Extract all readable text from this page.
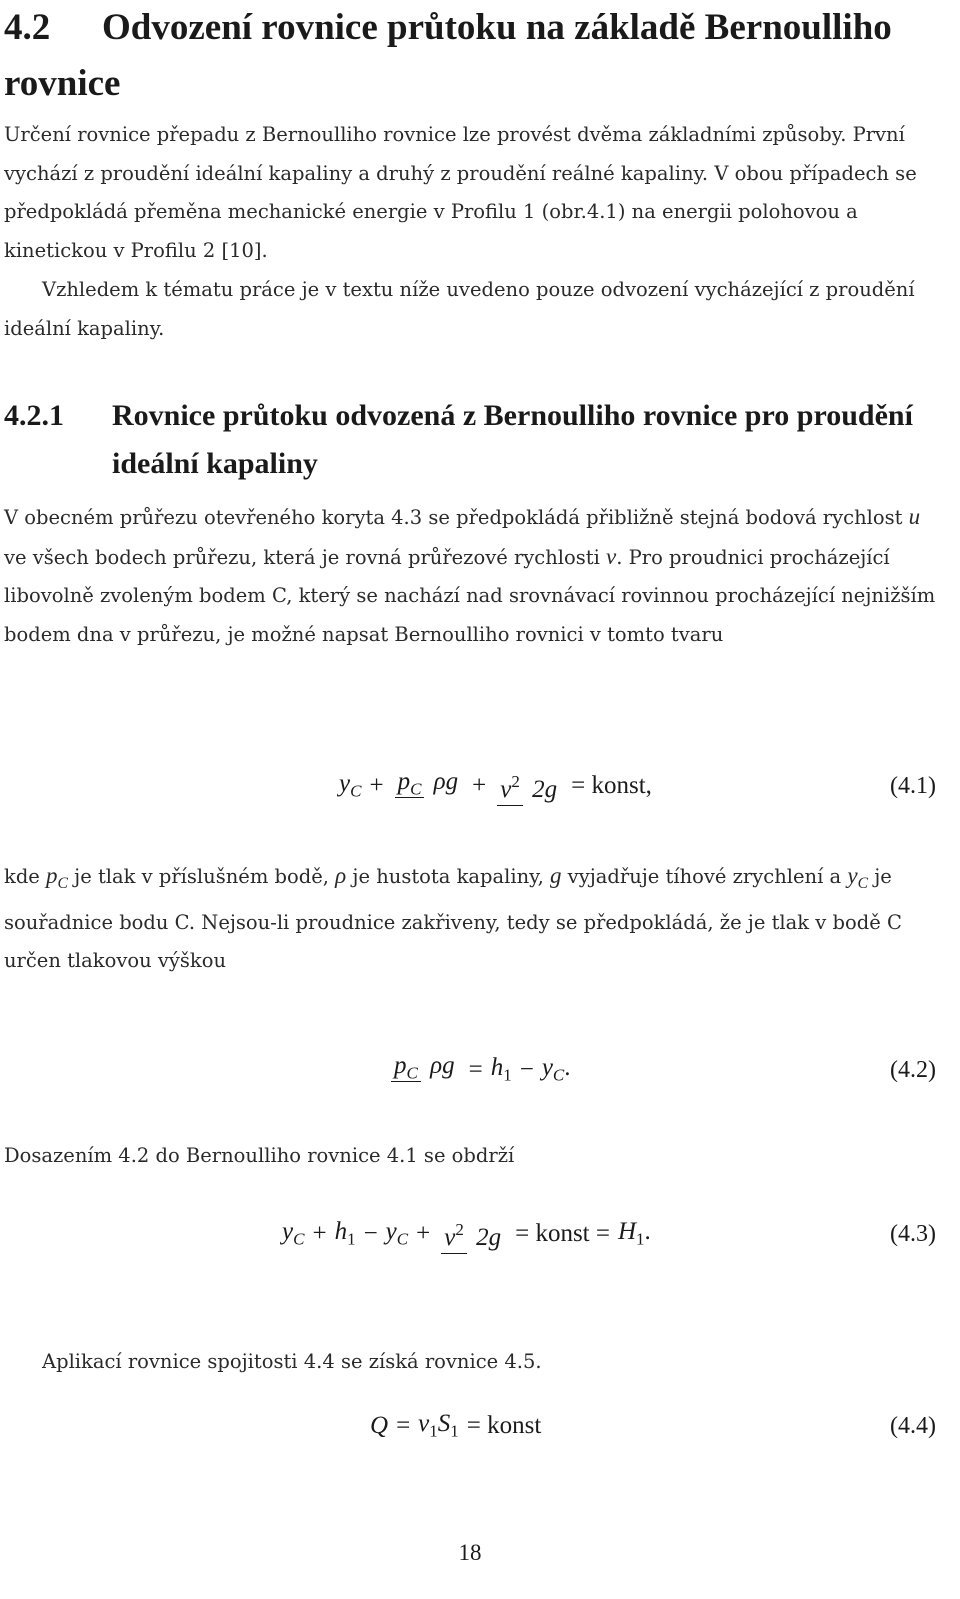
4.2 Odvození rovnice průtoku na základě Bernoulliho rovnice

Určení rovnice přepadu z Bernoulliho rovnice lze provést dvěma základními způsoby. První vychází z proudění ideální kapaliny a druhý z proudění reálné kapaliny. V obou případech se předpokládá přeměna mechanické energie v Profilu 1 (obr.4.1) na energii polohovou a kinetickou v Profilu 2 [10].

Vzhledem k tématu práce je v textu níže uvedeno pouze odvození vycházející z proudění ideální kapaliny.

4.2.1 Rovnice průtoku odvozená z Bernoulliho rovnice pro proudění ideální kapaliny

V obecném průřezu otevřeného koryta 4.3 se předpokládá přibližně stejná bodová rychlost u ve všech bodech průřezu, která je rovná průřezové rychlosti v. Pro proudnici procházející libovolně zvoleným bodem C, který se nachází nad srovnávací rovinnou procházející nejnižším bodem dna v průřezu, je možné napsat Bernoulliho rovnici v tomto tvaru

$y_C + p_C$ $\rho g + v^2$ 2g = konst,	(4.1)

kde $p_C$ je tlak v příslušném bodě, ρ je hustota kapaliny, g vyjadřuje tíhové zrychlení a $y_C$ je souřadnice bodu C. Nejsou-li proudnice zakřiveny, tedy se předpokládá, že je tlak v bodě C určen tlakovou výškou

$p_C$ $\rho g = h_1 - y_C$.	(4.2)

Dosazením 4.2 do Bernoulliho rovnice 4.1 se obdrží

$y_C + h_1 - y_C + v^2$ 2g = konst = $H_1$.	(4.3)

Aplikací rovnice spojitosti 4.4 se získá rovnice 4.5.

$Q = v_1$ $S_1$ = konst	(4.4)
18
